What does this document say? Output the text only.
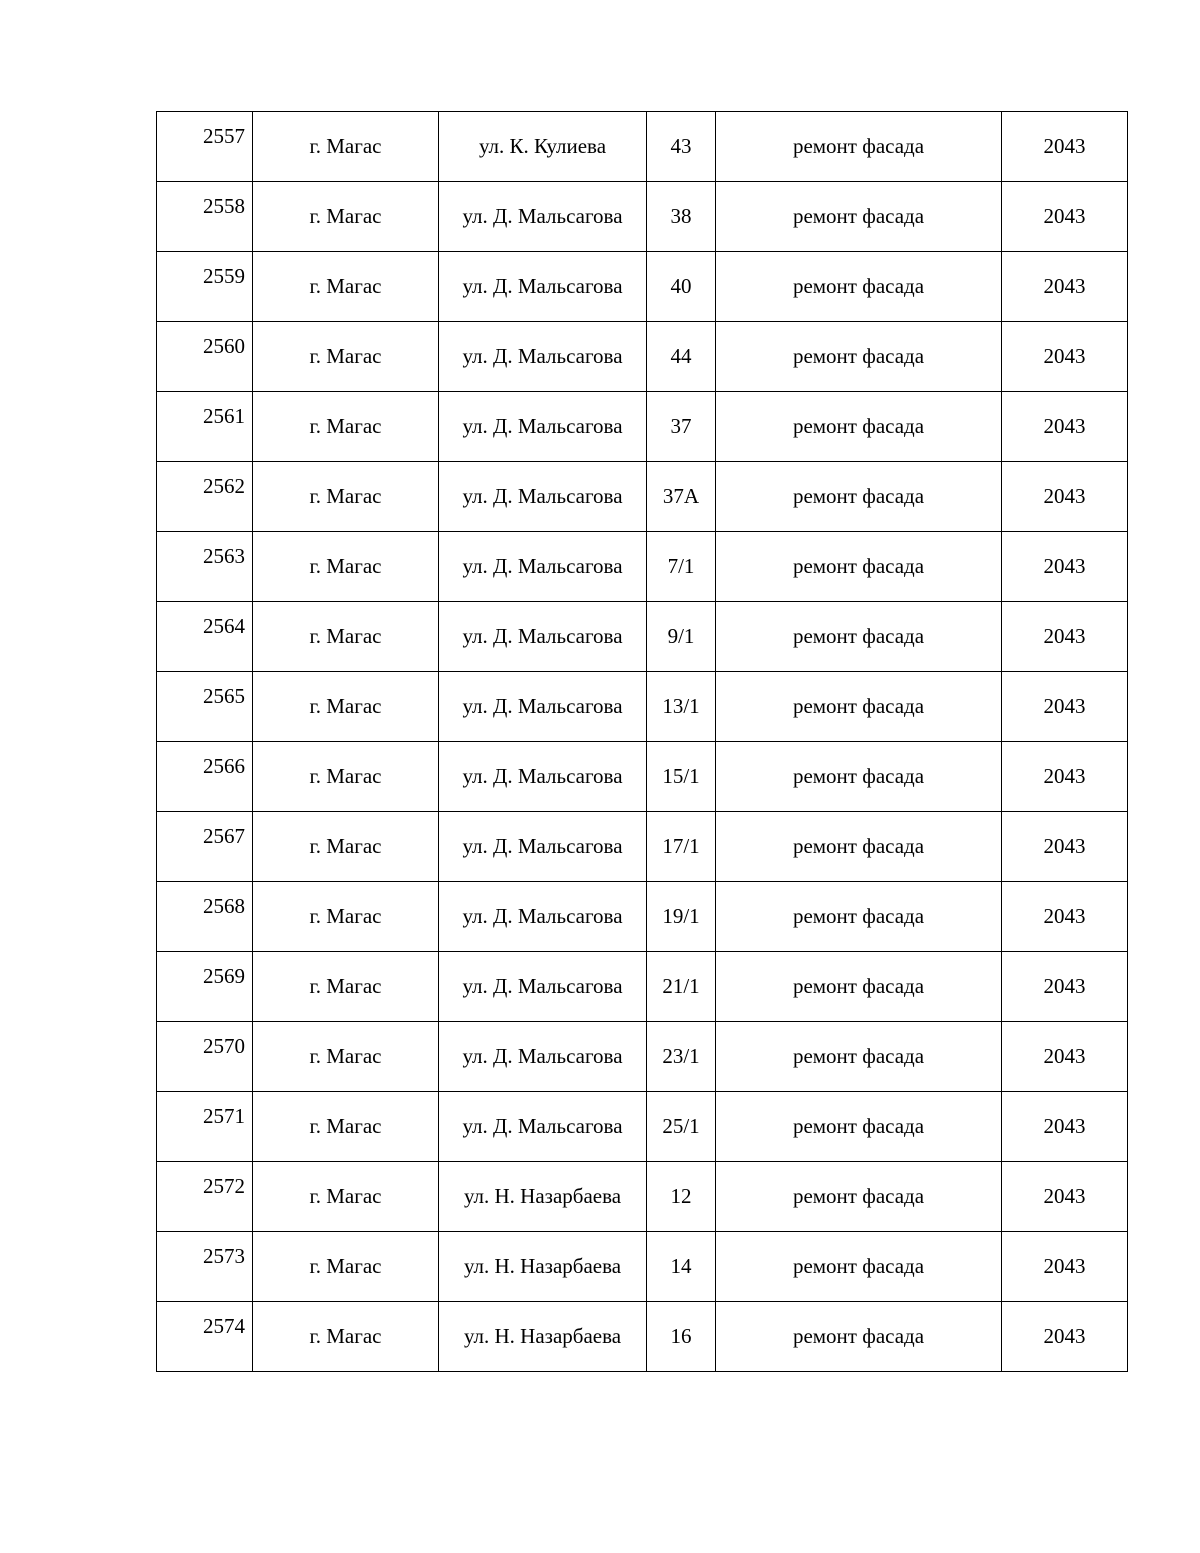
2557	г. Магас	ул. К. Кулиева	43	ремонт фасада	2043
2558	г. Магас	ул. Д. Мальсагова	38	ремонт фасада	2043
2559	г. Магас	ул. Д. Мальсагова	40	ремонт фасада	2043
2560	г. Магас	ул. Д. Мальсагова	44	ремонт фасада	2043
2561	г. Магас	ул. Д. Мальсагова	37	ремонт фасада	2043
2562	г. Магас	ул. Д. Мальсагова	37А	ремонт фасада	2043
2563	г. Магас	ул. Д. Мальсагова	7/1	ремонт фасада	2043
2564	г. Магас	ул. Д. Мальсагова	9/1	ремонт фасада	2043
2565	г. Магас	ул. Д. Мальсагова	13/1	ремонт фасада	2043
2566	г. Магас	ул. Д. Мальсагова	15/1	ремонт фасада	2043
2567	г. Магас	ул. Д. Мальсагова	17/1	ремонт фасада	2043
2568	г. Магас	ул. Д. Мальсагова	19/1	ремонт фасада	2043
2569	г. Магас	ул. Д. Мальсагова	21/1	ремонт фасада	2043
2570	г. Магас	ул. Д. Мальсагова	23/1	ремонт фасада	2043
2571	г. Магас	ул. Д. Мальсагова	25/1	ремонт фасада	2043
2572	г. Магас	ул. Н. Назарбаева	12	ремонт фасада	2043
2573	г. Магас	ул. Н. Назарбаева	14	ремонт фасада	2043
2574	г. Магас	ул. Н. Назарбаева	16	ремонт фасада	2043
